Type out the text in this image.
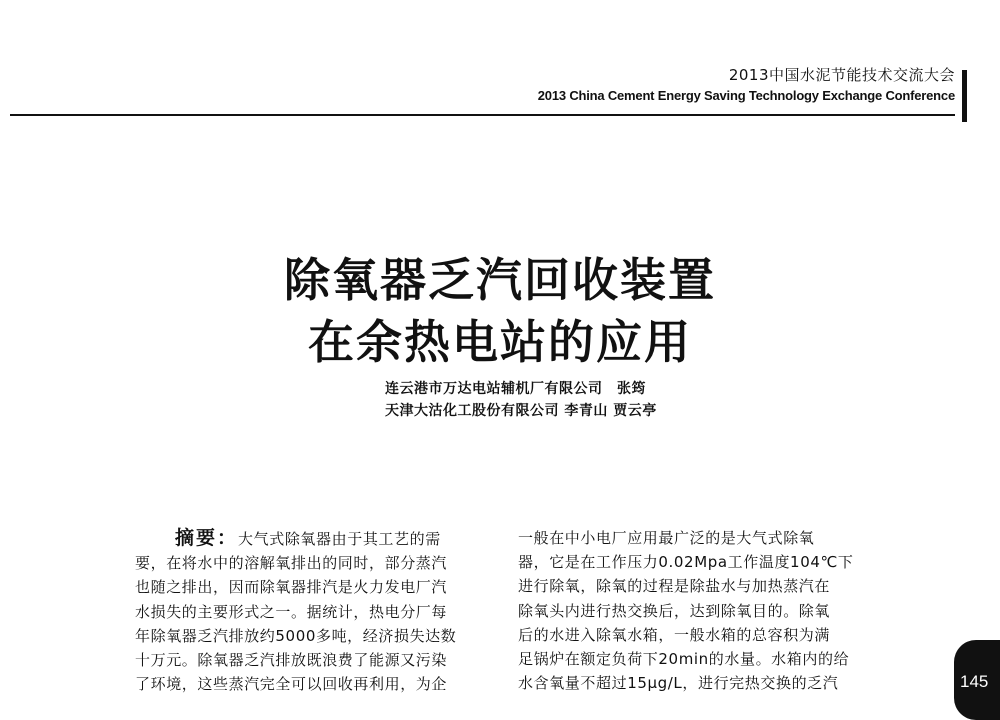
2013中国水泥节能技术交流大会
2013 China Cement Energy Saving Technology Exchange Conference
除氧器乏汽回收装置
在余热电站的应用
连云港市万达电站辅机厂有限公司　张筠
天津大沽化工股份有限公司 李青山 贾云亭
摘要：大气式除氧器由于其工艺的需
要，在将水中的溶解氧排出的同时，部分蒸汽
也随之排出，因而除氧器排汽是火力发电厂汽
水损失的主要形式之一。据统计，热电分厂每
年除氧器乏汽排放约5000多吨，经济损失达数
十万元。除氧器乏汽排放既浪费了能源又污染
了环境，这些蒸汽完全可以回收再利用，为企
一般在中小电厂应用最广泛的是大气式除氧
器，它是在工作压力0.02Mpa工作温度104℃下
进行除氧，除氧的过程是除盐水与加热蒸汽在
除氧头内进行热交换后，达到除氧目的。除氧
后的水进入除氧水箱，一般水箱的总容积为满
足锅炉在额定负荷下20min的水量。水箱内的给
水含氧量不超过15μg/L，进行完热交换的乏汽	145
